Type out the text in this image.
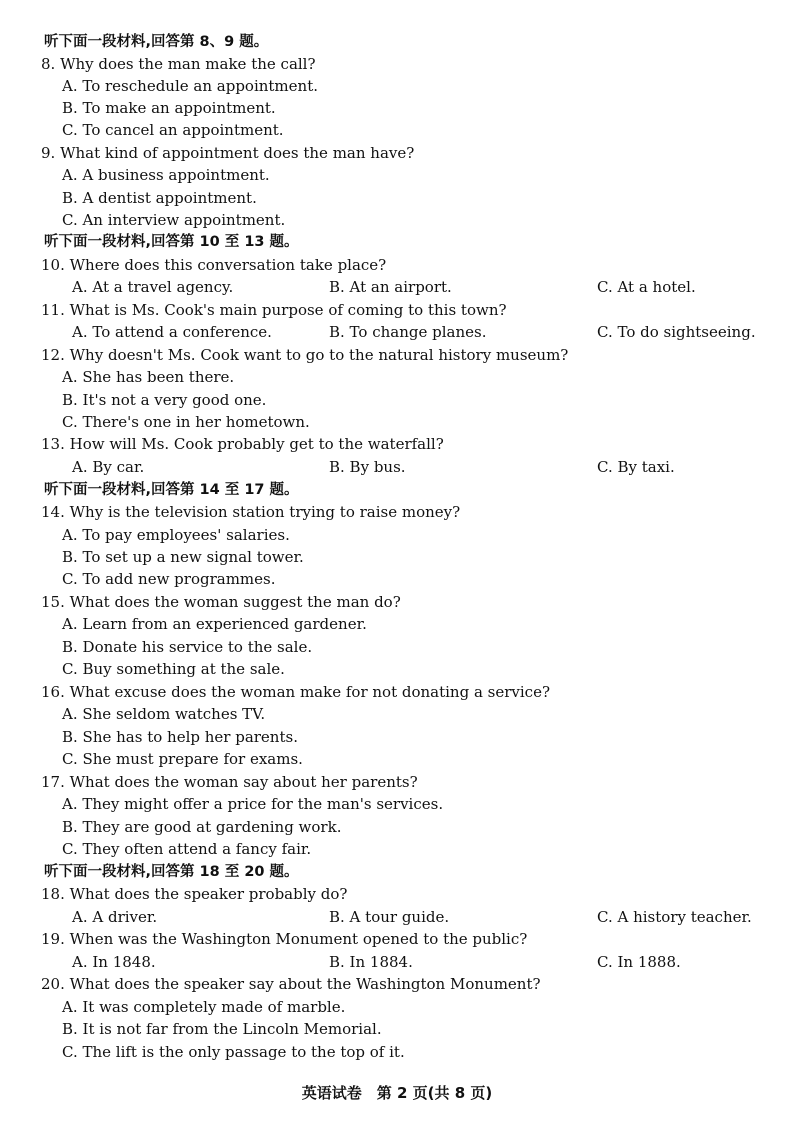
听下面一段材料,回答第 8、9 题。
8. Why does the man make the call?
A. To reschedule an appointment.
B. To make an appointment.
C. To cancel an appointment.
9. What kind of appointment does the man have?
A. A business appointment.
B. A dentist appointment.
C. An interview appointment.
听下面一段材料,回答第 10 至 13 题。
10. Where does this conversation take place?
A. At a travel agency.	B. At an airport.	C. At a hotel.
11. What is Ms. Cook's main purpose of coming to this town?
A. To attend a conference.	B. To change planes.	C. To do sightseeing.
12. Why doesn't Ms. Cook want to go to the natural history museum?
A. She has been there.
B. It's not a very good one.
C. There's one in her hometown.
13. How will Ms. Cook probably get to the waterfall?
A. By car.	B. By bus.	C. By taxi.
听下面一段材料,回答第 14 至 17 题。
14. Why is the television station trying to raise money?
A. To pay employees' salaries.
B. To set up a new signal tower.
C. To add new programmes.
15. What does the woman suggest the man do?
A. Learn from an experienced gardener.
B. Donate his service to the sale.
C. Buy something at the sale.
16. What excuse does the woman make for not donating a service?
A. She seldom watches TV.
B. She has to help her parents.
C. She must prepare for exams.
17. What does the woman say about her parents?
A. They might offer a price for the man's services.
B. They are good at gardening work.
C. They often attend a fancy fair.
听下面一段材料,回答第 18 至 20 题。
18. What does the speaker probably do?
A. A driver.	B. A tour guide.	C. A history teacher.
19. When was the Washington Monument opened to the public?
A. In 1848.	B. In 1884.	C. In 1888.
20. What does the speaker say about the Washington Monument?
A. It was completely made of marble.
B. It is not far from the Lincoln Memorial.
C. The lift is the only passage to the top of it.
英语试卷　第 2 页(共 8 页)
